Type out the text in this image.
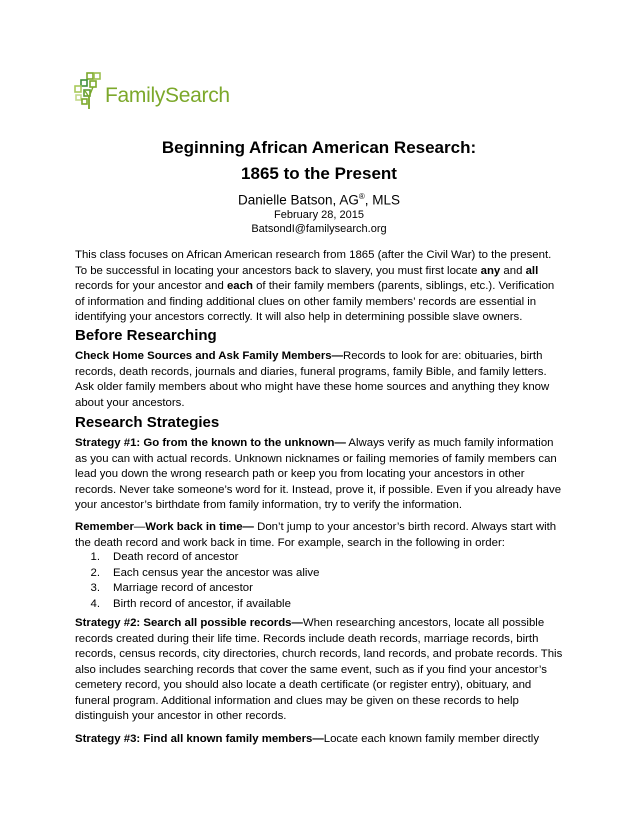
FamilySearch
Beginning African American Research:
1865 to the Present
Danielle Batson, AG®, MLS
February 28, 2015
BatsondI@familysearch.org
This class focuses on African American research from 1865 (after the Civil War) to the present. To be successful in locating your ancestors back to slavery, you must first locate any and all records for your ancestor and each of their family members (parents, siblings, etc.). Verification of information and finding additional clues on other family members’ records are essential in identifying your ancestors correctly. It will also help in determining possible slave owners.
Before Researching
Check Home Sources and Ask Family Members—Records to look for are: obituaries, birth records, death records, journals and diaries, funeral programs, family Bible, and family letters. Ask older family members about who might have these home sources and anything they know about your ancestors.
Research Strategies
Strategy #1: Go from the known to the unknown— Always verify as much family information as you can with actual records. Unknown nicknames or failing memories of family members can lead you down the wrong research path or keep you from locating your ancestors in other records. Never take someone’s word for it. Instead, prove it, if possible. Even if you already have your ancestor’s birthdate from family information, try to verify the information.
Remember—Work back in time— Don’t jump to your ancestor’s birth record. Always start with the death record and work back in time. For example, search in the following in order:
1.	Death record of ancestor
2.	Each census year the ancestor was alive
3.	Marriage record of ancestor
4.	Birth record of ancestor, if available
Strategy #2: Search all possible records—When researching ancestors, locate all possible records created during their life time. Records include death records, marriage records, birth records, census records, city directories, church records, land records, and probate records. This also includes searching records that cover the same event, such as if you find your ancestor’s cemetery record, you should also locate a death certificate (or register entry), obituary, and funeral program. Additional information and clues may be given on these records to help distinguish your ancestor in other records.
Strategy #3: Find all known family members—Locate each known family member directly
